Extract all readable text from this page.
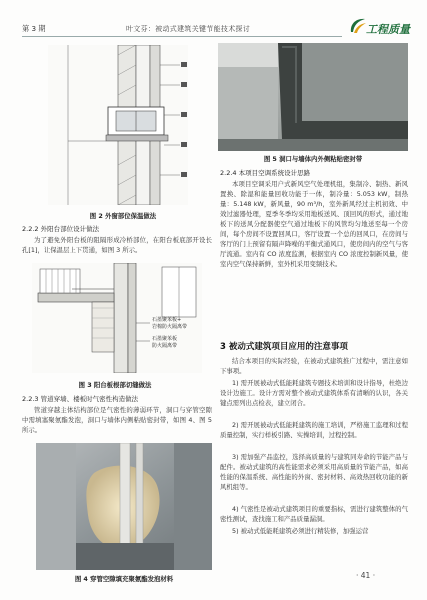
第 3 期	叶文芬：被动式建筑关键节能技术探讨	工程质量
图 2 外窗部位保温做法
2.2.2 外阳台部位设计做法
为了避免外阳台板的阻隔形成冷桥部位，在阳台板底部开设长孔[1]，让保温层上下贯通，如图 3 所示。
石墨聚苯板+
岩棉防火隔离带
石墨聚苯板
防火隔离带
图 3 阳台板根部切缝做法
2.2.3 管道穿墙、楼板时气密性构造做法
管道穿越主体结构部位是气密性的薄弱环节，洞口与穿管空隙中需填塞聚氨酯发泡，洞口与墙体内侧粘贴密封带，如图 4、图 5 所示。
图 4 穿管空隙填充聚氨酯发泡材料
图 5 洞口与墙体内外侧粘贴密封带
2.2.4 本项目空调系统设计思路
本项目空调采用户式新风空气处理机组，集制冷、制热、新风置换、除湿和能量回收功能于一体，制冷量：5.053 kW，制热量：5.148 kW，新风量，90 m³/h，室外新风经过主机初效、中效过滤器处理，夏季冬季均采用地板送风、顶回风的形式，通过地板下的送风分配器使空气通过地板下的风管均匀地送至每一个房间，每个房间不设置回风口，客厅设置一个总的回风口，在房间与客厅的门上预留有隔声降噪的平衡式通风口，使房间内的空气与客厅流通。室内有 CO 浓度监测，根据室内 CO 浓度控制新风量，使室内空气保持新鲜，室外机采用变频技术。
3 被动式建筑项目应用的注意事项
结合本项目的实际经验，在被动式建筑推广过程中，需注意如下事项。
1) 需开展被动式低能耗建筑专题技术培训和设计指导，杜绝边设计边施工。设计方需对整个被动式建筑体系有清晰的认识，各关键点需列出点检表，建立闭合。
2) 需开展被动式低能耗建筑的施工培训，严格施工监理和过程质量控制，实行样板引路、实操培训，过程控制。
3) 需加强产品监控，选择高质量的与建筑同寿命的节能产品与配件。被动式建筑的高性能需求必须采用高质量的节能产品，如高性能的保温系统、高性能的外窗、密封材料、高效热回收功能的新风机组等。
4) 气密性是被动式建筑项目的重要指标，需进行建筑整体的气密性测试，查找施工和产品质量漏洞。
5) 被动式低能耗建筑必须进行精装修，加强运营
· 41 ·
